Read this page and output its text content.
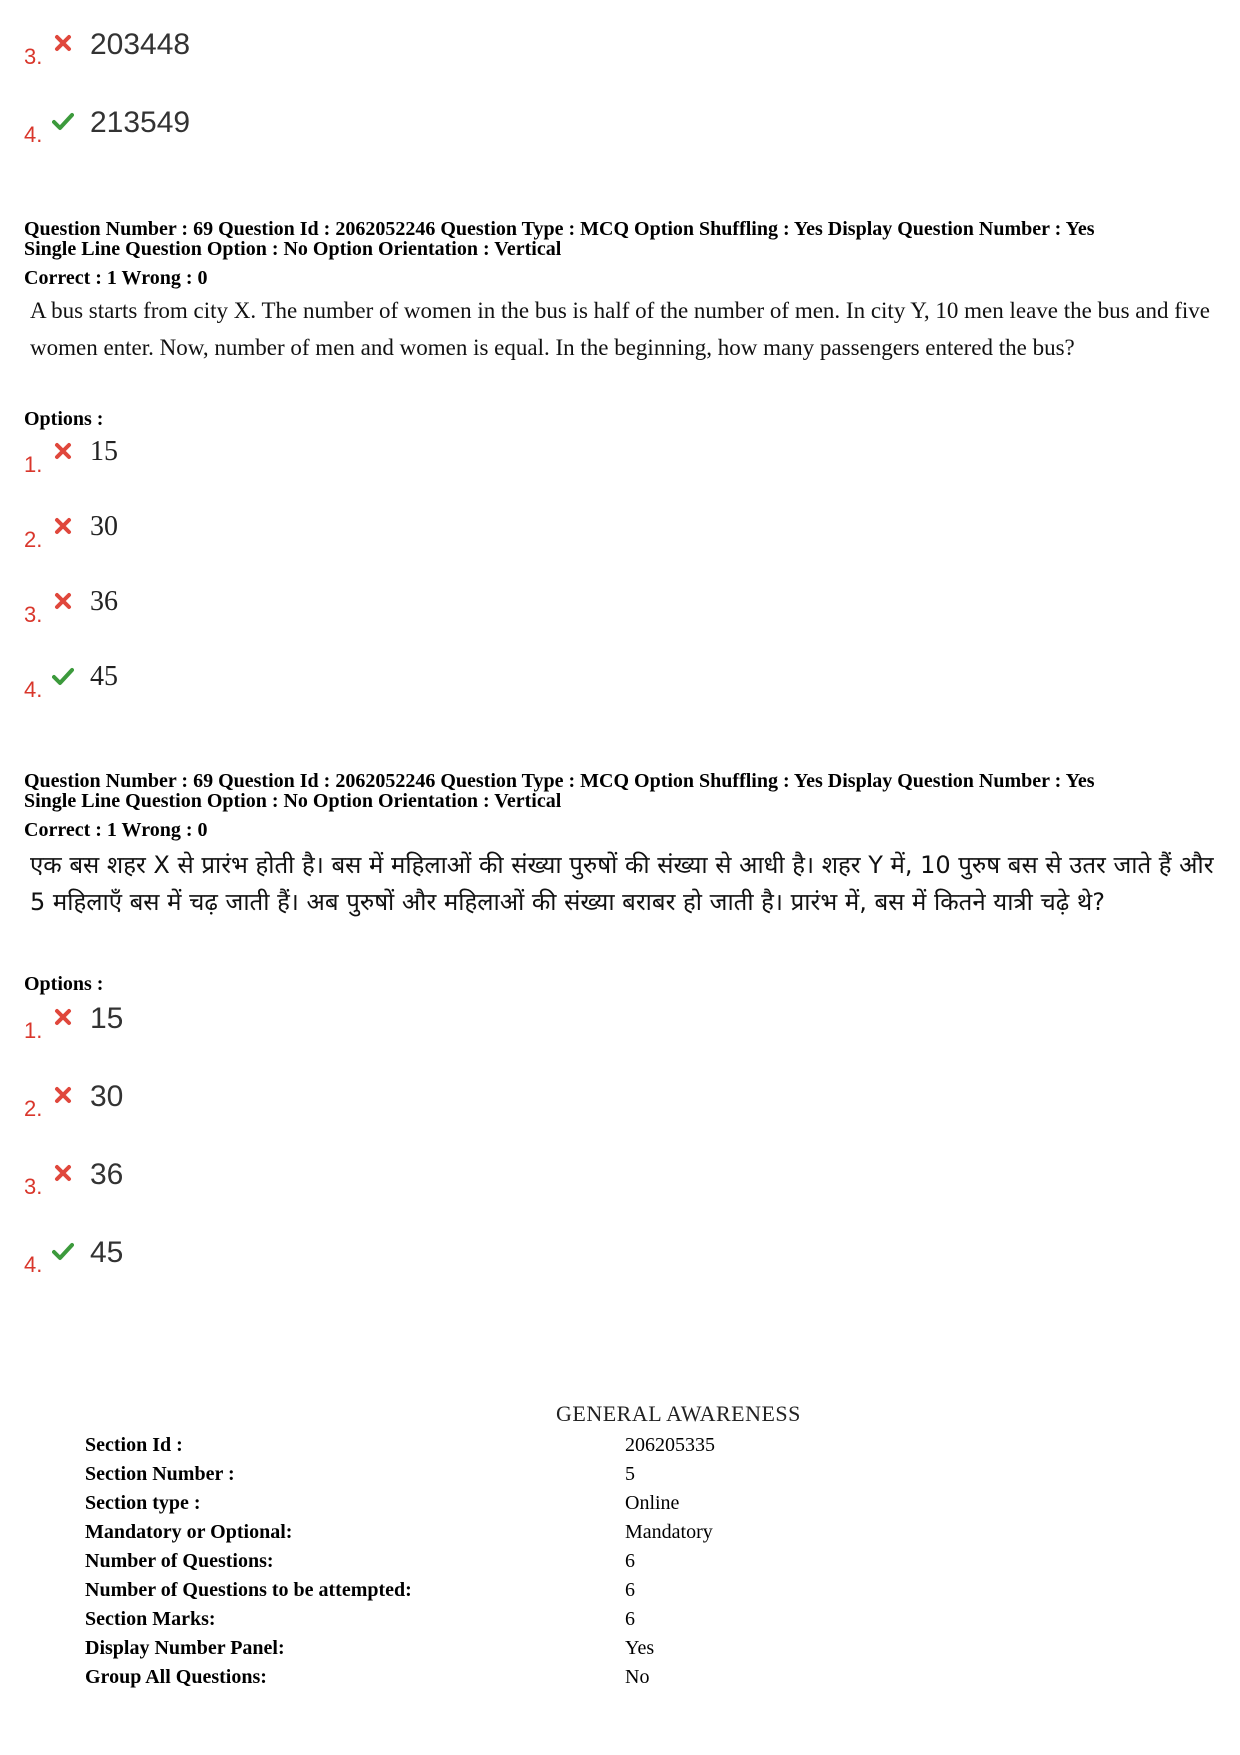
3. 203448
4. 213549
Question Number : 69 Question Id : 2062052246 Question Type : MCQ Option Shuffling : Yes Display Question Number : Yes
Single Line Question Option : No Option Orientation : Vertical
Correct : 1 Wrong : 0
A bus starts from city X. The number of women in the bus is half of the number of men. In city Y, 10 men leave the bus and five women enter. Now, number of men and women is equal. In the beginning, how many passengers entered the bus?
Options :
1. 15
2. 30
3. 36
4. 45
Question Number : 69 Question Id : 2062052246 Question Type : MCQ Option Shuffling : Yes Display Question Number : Yes
Single Line Question Option : No Option Orientation : Vertical
Correct : 1 Wrong : 0
एक बस शहर X से प्रारंभ होती है। बस में महिलाओं की संख्या पुरुषों की संख्या से आधी है। शहर Y में, 10 पुरुष बस से उतर जाते हैं और 5 महिलाएँ बस में चढ़ जाती हैं। अब पुरुषों और महिलाओं की संख्या बराबर हो जाती है। प्रारंभ में, बस में कितने यात्री चढ़े थे?
Options :
1. 15
2. 30
3. 36
4. 45
GENERAL AWARENESS
Section Id :	206205335
Section Number :	5
Section type :	Online
Mandatory or Optional:	Mandatory
Number of Questions:	6
Number of Questions to be attempted:	6
Section Marks:	6
Display Number Panel:	Yes
Group All Questions:	No
